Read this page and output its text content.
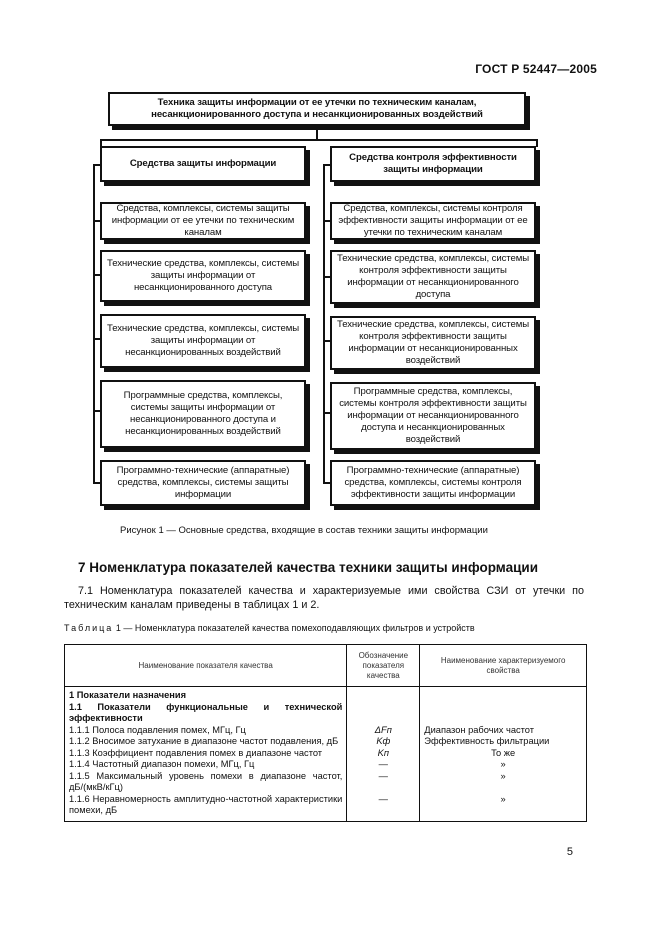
ГОСТ Р 52447—2005
Техника защиты информации от ее утечки по техническим каналам, несанкционированного доступа и несанкционированных воздействий
Средства защиты информации
Средства контроля эффективности защиты информации
Средства, комплексы, системы защиты информации от ее утечки по техническим каналам
Технические средства, комплексы, системы защиты информации от несанкционированного доступа
Технические средства, комплексы, системы защиты информации от несанкционированных воздействий
Программные средства, комплексы, системы защиты информации от несанкционированного доступа и несанкционированных воздействий
Программно-технические (аппаратные) средства, комплексы, системы защиты информации
Средства, комплексы, системы контроля эффективности защиты информации от ее утечки по техническим каналам
Технические средства, комплексы, системы контроля эффективности защиты информации от несанкционированного доступа
Технические средства, комплексы, системы контроля эффективности защиты информации от несанкционированных воздействий
Программные средства, комплексы, системы контроля эффективности защиты информации от несанкционированного доступа и несанкционированных воздействий
Программно-технические (аппаратные) средства, комплексы, системы контроля эффективности защиты информации
Рисунок 1 — Основные средства, входящие в состав техники защиты информации
7 Номенклатура показателей качества техники защиты информации
7.1 Номенклатура показателей качества и характеризуемые ими свойства СЗИ от утечки по техническим каналам приведены в таблицах 1 и 2.
Таблица 1 — Номенклатура показателей качества помехоподавляющих фильтров и устройств
Наименование показателя качества	Обозначение показателя качества	Наименование характеризуемого свойства
1 Показатели назначения		
1.1 Показатели функциональные и технической эффективности		
1.1.1 Полоса подавления помех, МГц, Гц	ΔFп	Диапазон рабочих частот
1.1.2 Вносимое затухание в диапазоне частот подавления, дБ	Kф	Эффективность фильтрации
1.1.3 Коэффициент подавления помех в диапазоне частот	Kп	То же
1.1.4 Частотный диапазон помехи, МГц, Гц	—	»
1.1.5 Максимальный уровень помехи в диапазоне частот, дБ/(мкВ/кГц)	—	»
1.1.6 Неравномерность амплитудно-частотной характеристики помехи, дБ	—	»
5
